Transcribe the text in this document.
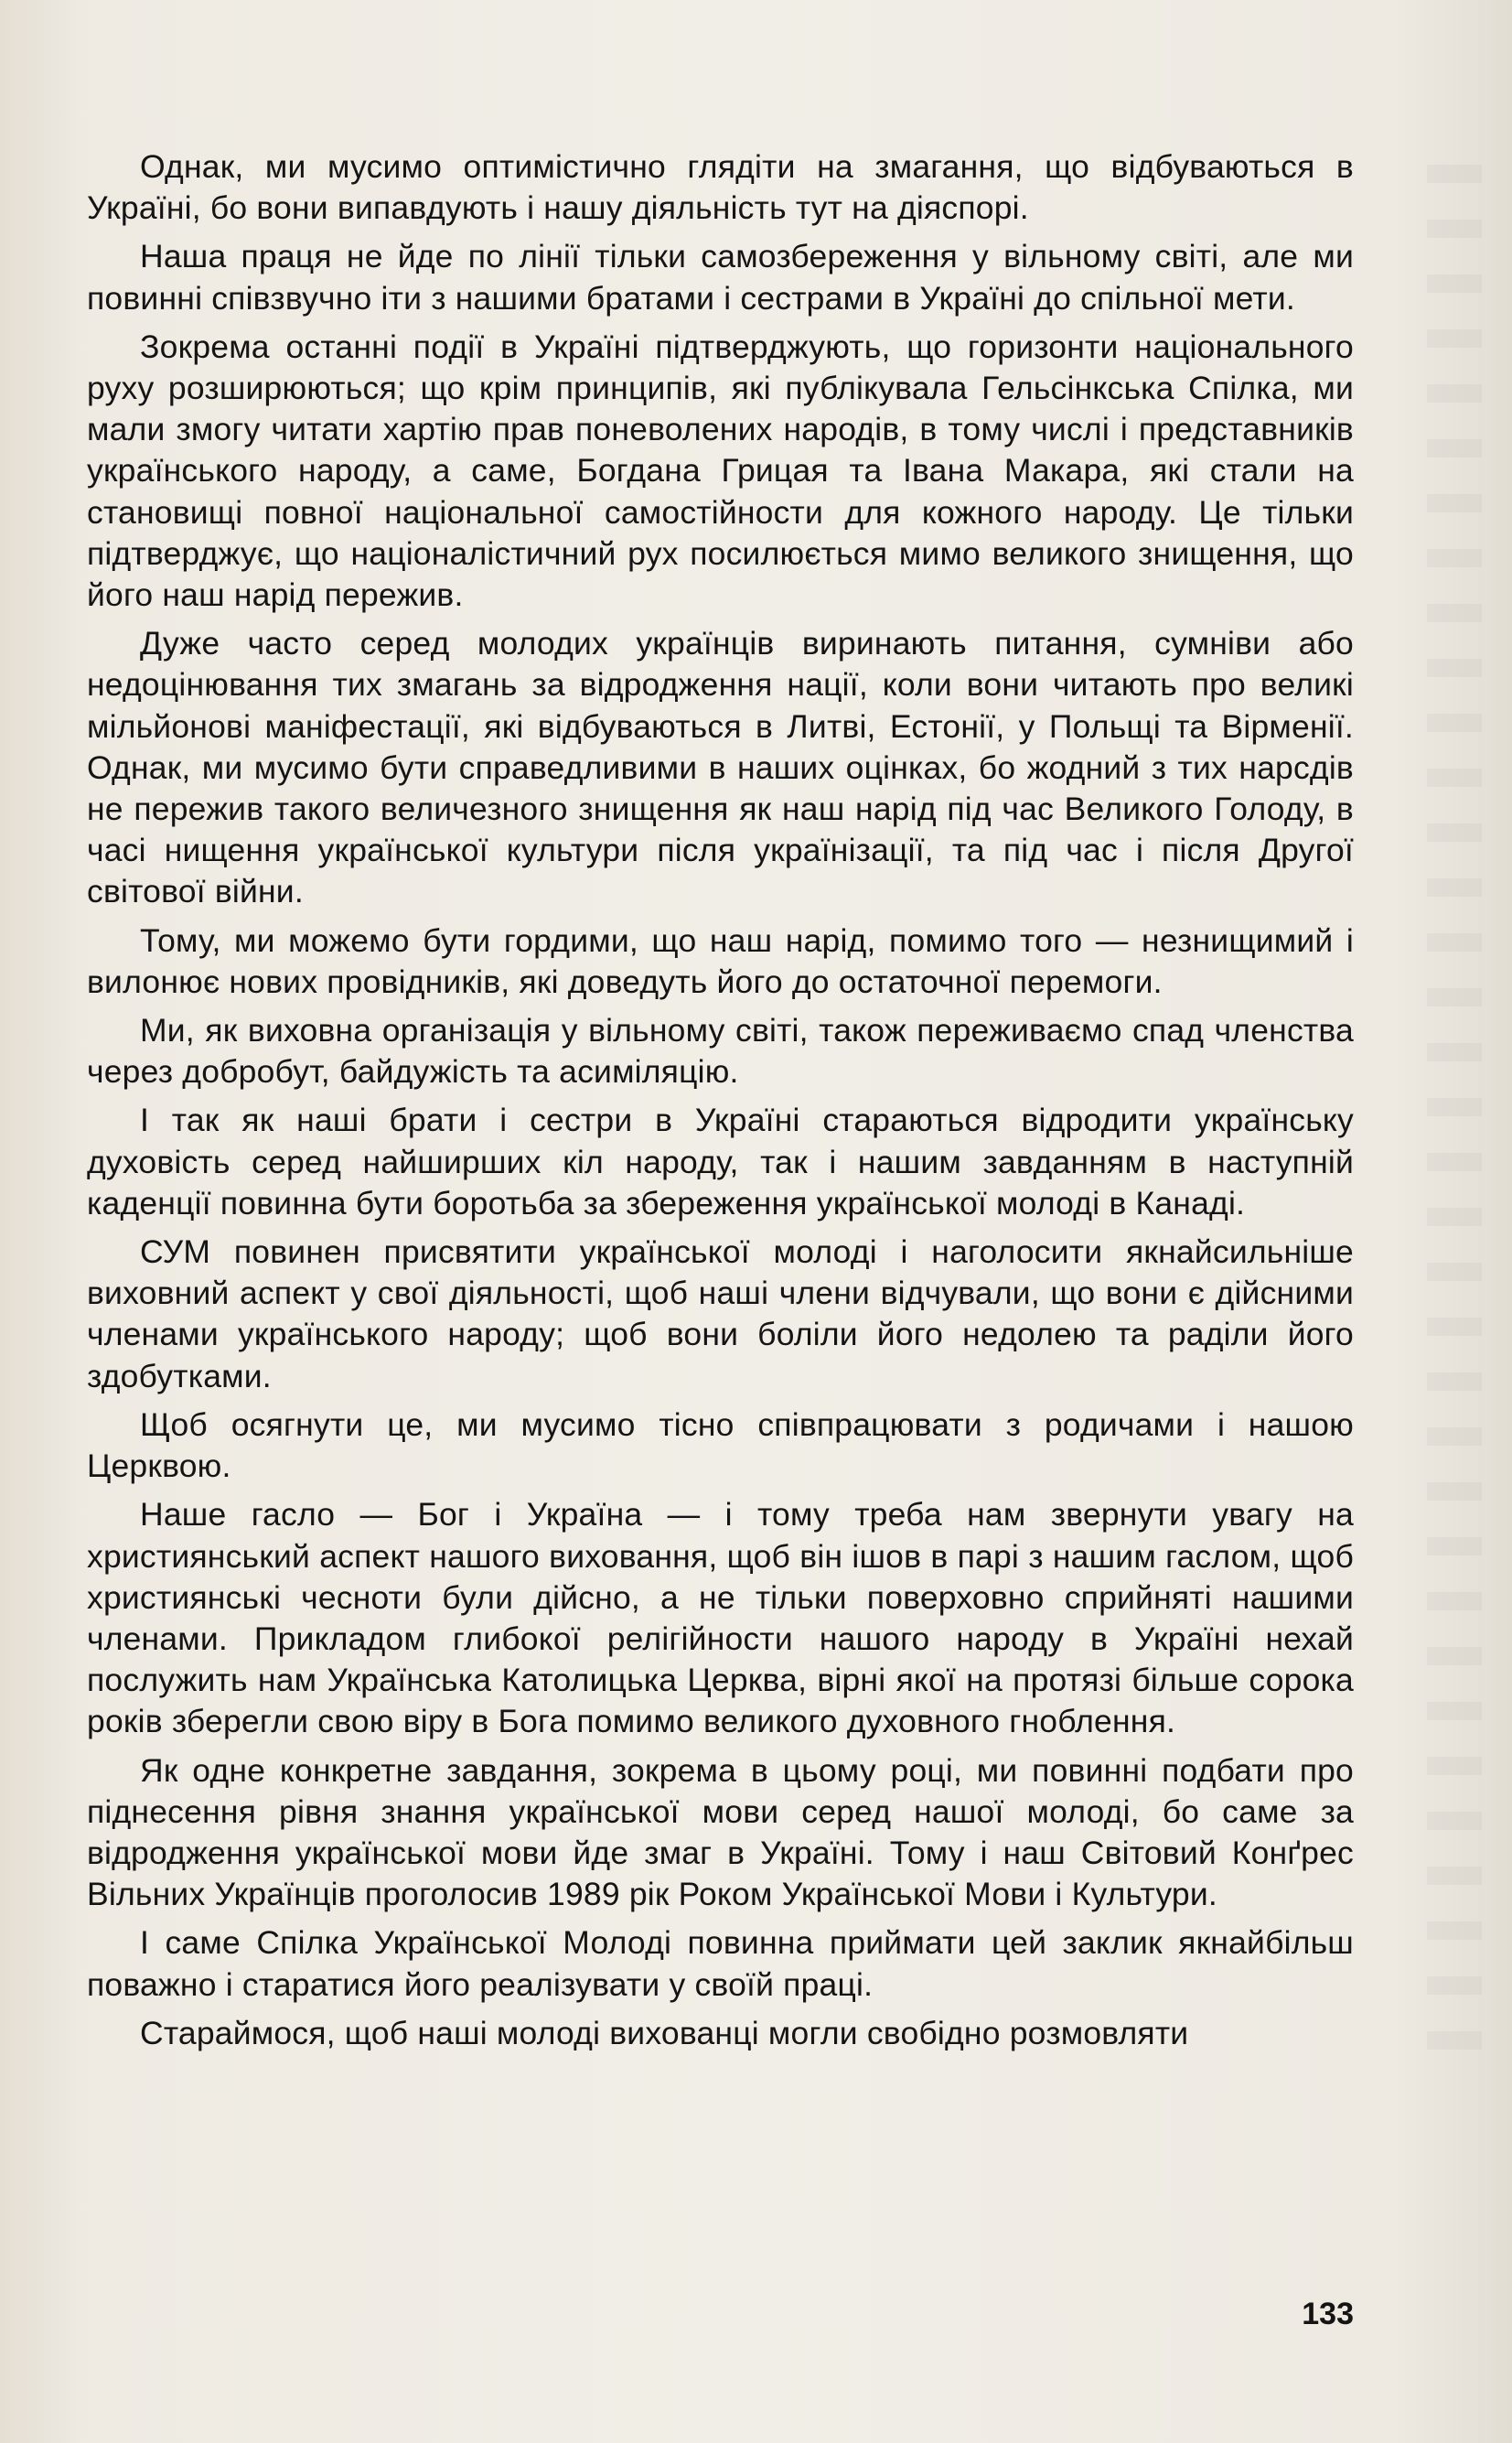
Однак, ми мусимо оптимістично глядіти на змагання, що відбуваються в Україні, бо вони випавдують і нашу діяльність тут на діяспорі.

Наша праця не йде по лінії тільки самозбереження у вільному світі, але ми повинні співзвучно іти з нашими братами і сестрами в Україні до спільної мети.

Зокрема останні події в Україні підтверджують, що горизонти національного руху розширюються; що крім принципів, які публікувала Гельсінкська Спілка, ми мали змогу читати хартію прав поневолених народів, в тому числі і представників українського народу, а саме, Богдана Грицая та Івана Макара, які стали на становищі повної національної самостійности для кожного народу. Це тільки підтверджує, що націоналістичний рух посилюється мимо великого знищення, що його наш нарід пережив.

Дуже часто серед молодих українців виринають питання, сумніви або недоцінювання тих змагань за відродження нації, коли вони читають про великі мільйонові маніфестації, які відбуваються в Литві, Естонії, у Польщі та Вірменії. Однак, ми мусимо бути справедливими в наших оцінках, бо жодний з тих нарсдів не пережив такого величезного знищення як наш нарід під час Великого Голоду, в часі нищення української культури після українізації, та під час і після Другої світової війни.

Тому, ми можемо бути гордими, що наш нарід, помимо того — незнищимий і вилонює нових провідників, які доведуть його до остаточної перемоги.

Ми, як виховна організація у вільному світі, також переживаємо спад членства через добробут, байдужість та асиміляцію.

І так як наші брати і сестри в Україні стараються відродити українську духовість серед найширших кіл народу, так і нашим завданням в наступній каденції повинна бути боротьба за збереження української молоді в Канаді.

СУМ повинен присвятити української молоді і наголосити якнайсильніше виховний аспект у свої діяльності, щоб наші члени відчували, що вони є дійсними членами українського народу; щоб вони боліли його недолею та раділи його здобутками.

Щоб осягнути це, ми мусимо тісно співпрацювати з родичами і нашою Церквою.

Наше гасло — Бог і Україна — і тому треба нам звернути увагу на християнський аспект нашого виховання, щоб він ішов в парі з нашим гаслом, щоб християнські чесноти були дійсно, а не тільки поверховно сприйняті нашими членами. Прикладом глибокої релігійности нашого народу в Україні нехай послужить нам Українська Католицька Церква, вірні якої на протязі більше сорока років зберегли свою віру в Бога помимо великого духовного гноблення.

Як одне конкретне завдання, зокрема в цьому році, ми повинні подбати про піднесення рівня знання української мови серед нашої молоді, бо саме за відродження української мови йде змаг в Україні. Тому і наш Світовий Конґрес Вільних Українців проголосив 1989 рік Роком Української Мови і Культури.

І саме Спілка Української Молоді повинна приймати цей заклик якнайбільш поважно і старатися його реалізувати у своїй праці.

Стараймося, щоб наші молоді вихованці могли свобідно розмовляти

133
